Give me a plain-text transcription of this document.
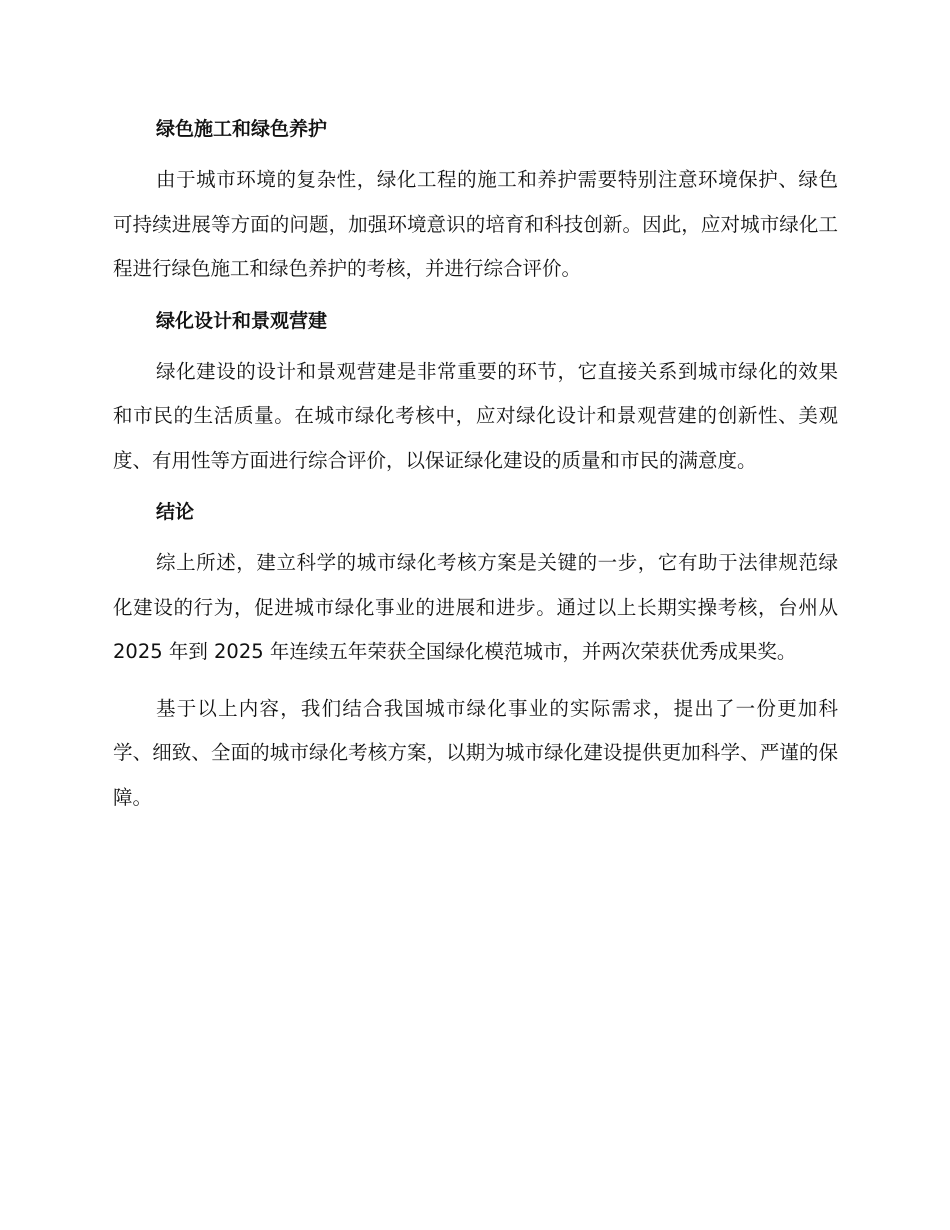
绿色施工和绿色养护

由于城市环境的复杂性，绿化工程的施工和养护需要特别注意环境保护、绿色可持续进展等方面的问题，加强环境意识的培育和科技创新。因此，应对城市绿化工程进行绿色施工和绿色养护的考核，并进行综合评价。

绿化设计和景观营建

绿化建设的设计和景观营建是非常重要的环节，它直接关系到城市绿化的效果和市民的生活质量。在城市绿化考核中，应对绿化设计和景观营建的创新性、美观度、有用性等方面进行综合评价，以保证绿化建设的质量和市民的满意度。

结论

综上所述，建立科学的城市绿化考核方案是关键的一步，它有助于法律规范绿化建设的行为，促进城市绿化事业的进展和进步。通过以上长期实操考核，台州从 2025 年到 2025 年连续五年荣获全国绿化模范城市，并两次荣获优秀成果奖。

基于以上内容，我们结合我国城市绿化事业的实际需求，提出了一份更加科学、细致、全面的城市绿化考核方案，以期为城市绿化建设提供更加科学、严谨的保障。
